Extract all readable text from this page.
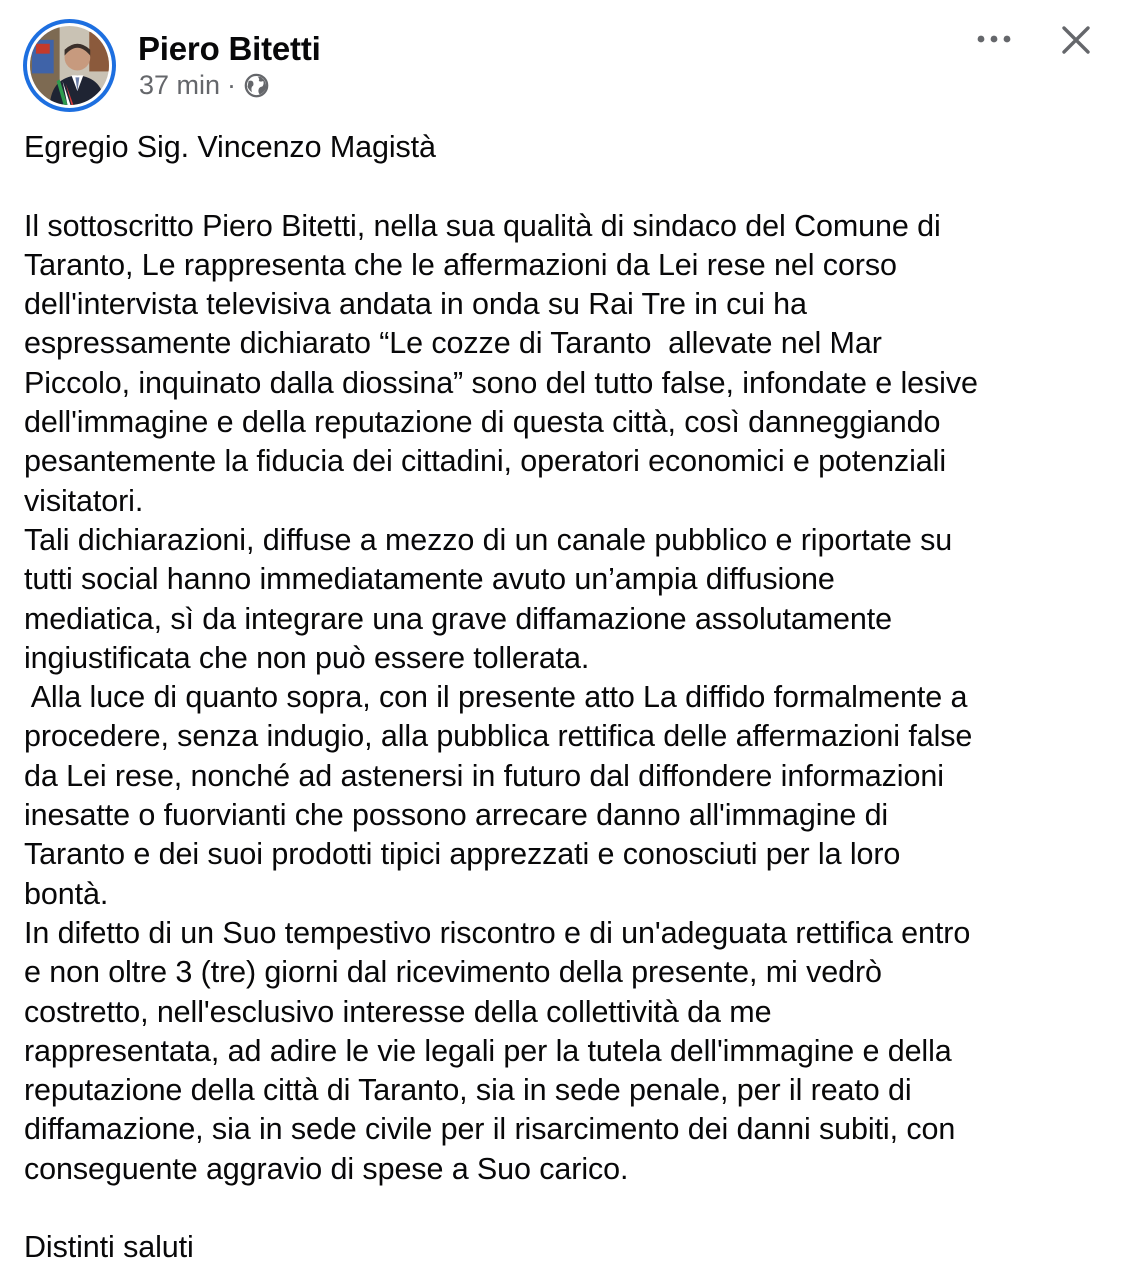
Piero Bitetti
37 min ·
Egregio Sig. Vincenzo Magistà
Il sottoscritto Piero Bitetti, nella sua qualità di sindaco del Comune di
Taranto, Le rappresenta che le affermazioni da Lei rese nel corso
dell'intervista televisiva andata in onda su Rai Tre in cui ha
espressamente dichiarato “Le cozze di Taranto  allevate nel Mar
Piccolo, inquinato dalla diossina” sono del tutto false, infondate e lesive
dell'immagine e della reputazione di questa città, così danneggiando
pesantemente la fiducia dei cittadini, operatori economici e potenziali
visitatori.
Tali dichiarazioni, diffuse a mezzo di un canale pubblico e riportate su
tutti social hanno immediatamente avuto un’ampia diffusione
mediatica, sì da integrare una grave diffamazione assolutamente
ingiustificata che non può essere tollerata.
Alla luce di quanto sopra, con il presente atto La diffido formalmente a
procedere, senza indugio, alla pubblica rettifica delle affermazioni false
da Lei rese, nonché ad astenersi in futuro dal diffondere informazioni
inesatte o fuorvianti che possono arrecare danno all'immagine di
Taranto e dei suoi prodotti tipici apprezzati e conosciuti per la loro
bontà.
In difetto di un Suo tempestivo riscontro e di un'adeguata rettifica entro
e non oltre 3 (tre) giorni dal ricevimento della presente, mi vedrò
costretto, nell'esclusivo interesse della collettività da me
rappresentata, ad adire le vie legali per la tutela dell'immagine e della
reputazione della città di Taranto, sia in sede penale, per il reato di
diffamazione, sia in sede civile per il risarcimento dei danni subiti, con
conseguente aggravio di spese a Suo carico.
Distinti saluti
